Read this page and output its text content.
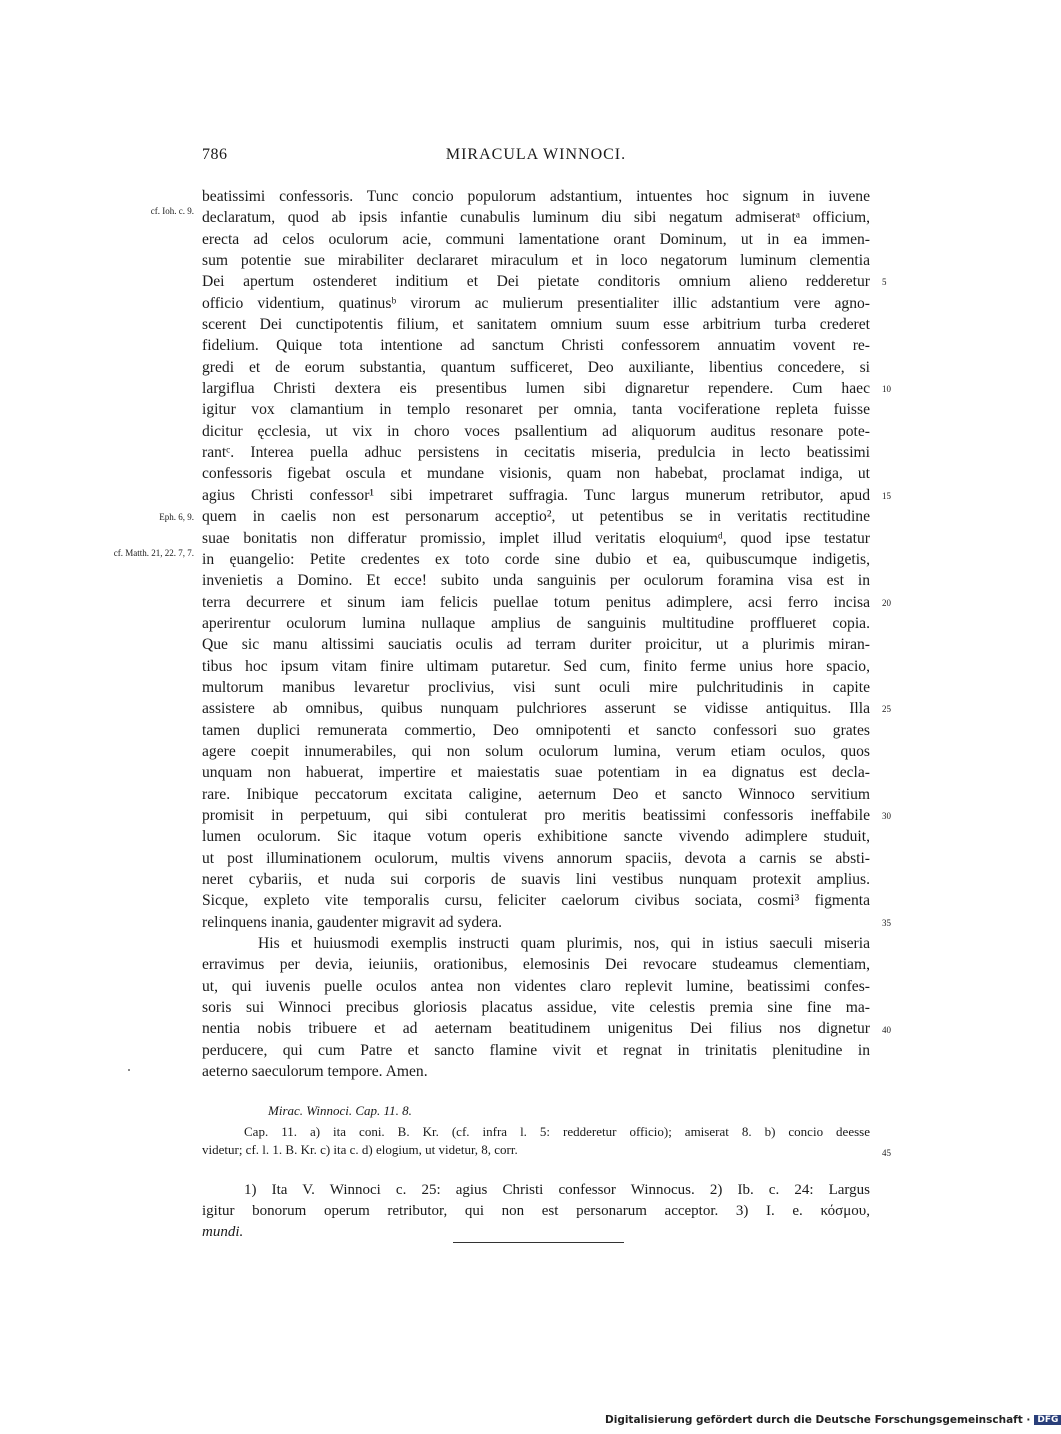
786	MIRACULA WINNOCI.
beatissimi confessoris. Tunc concio populorum adstantium, intuentes hoc signum in iuvene
declaratum, quod ab ipsis infantie cunabulis luminum diu sibi negatum admiseratᵃ officium,
erecta ad celos oculorum acie, communi lamentatione orant Dominum, ut in ea immen-
sum potentie sue mirabiliter declararet miraculum et in loco negatorum luminum clementia
Dei apertum ostenderet inditium et Dei pietate conditoris omnium alieno redderetur
officio videntium, quatinusᵇ virorum ac mulierum presentialiter illic adstantium vere agno-
scerent Dei cunctipotentis filium, et sanitatem omnium suum esse arbitrium turba crederet
fidelium. Quique tota intentione ad sanctum Christi confessorem annuatim vovent re-
gredi et de eorum substantia, quantum sufficeret, Deo auxiliante, libentius concedere, si
largiflua Christi dextera eis presentibus lumen sibi dignaretur rependere. Cum haec
igitur vox clamantium in templo resonaret per omnia, tanta vociferatione repleta fuisse
dicitur ęcclesia, ut vix in choro voces psallentium ad aliquorum auditus resonare pote-
rantᶜ. Interea puella adhuc persistens in cecitatis miseria, predulcia in lecto beatissimi
confessoris figebat oscula et mundane visionis, quam non habebat, proclamat indiga, ut
agius Christi confessor¹ sibi impetraret suffragia. Tunc largus munerum retributor, apud
quem in caelis non est personarum acceptio², ut petentibus se in veritatis rectitudine
suae bonitatis non differatur promissio, implet illud veritatis eloquiumᵈ, quod ipse testatur
in ęuangelio: Petite credentes ex toto corde sine dubio et ea, quibuscumque indigetis,
invenietis a Domino. Et ecce! subito unda sanguinis per oculorum foramina visa est in
terra decurrere et sinum iam felicis puellae totum penitus adimplere, acsi ferro incisa
aperirentur oculorum lumina nullaque amplius de sanguinis multitudine profflueret copia.
Que sic manu altissimi sauciatis oculis ad terram duriter proicitur, ut a plurimis miran-
tibus hoc ipsum vitam finire ultimam putaretur. Sed cum, finito ferme unius hore spacio,
multorum manibus levaretur proclivius, visi sunt oculi mire pulchritudinis in capite
assistere ab omnibus, quibus nunquam pulchriores asserunt se vidisse antiquitus. Illa
tamen duplici remunerata commertio, Deo omnipotenti et sancto confessori suo grates
agere coepit innumerabiles, qui non solum oculorum lumina, verum etiam oculos, quos
unquam non habuerat, impertire et maiestatis suae potentiam in ea dignatus est decla-
rare. Inibique peccatorum excitata caligine, aeternum Deo et sancto Winnoco servitium
promisit in perpetuum, qui sibi contulerat pro meritis beatissimi confessoris ineffabile
lumen oculorum. Sic itaque votum operis exhibitione sancte vivendo adimplere studuit,
ut post illuminationem oculorum, multis vivens annorum spaciis, devota a carnis se absti-
neret cybariis, et nuda sui corporis de suavis lini vestibus nunquam protexit amplius.
Sicque, expleto vite temporalis cursu, feliciter caelorum civibus sociata, cosmi³ figmenta
relinquens inania, gaudenter migravit ad sydera.
His et huiusmodi exemplis instructi quam plurimis, nos, qui in istius saeculi miseria
erravimus per devia, ieiuniis, orationibus, elemosinis Dei revocare studeamus clementiam,
ut, qui iuvenis puelle oculos antea non videntes claro replevit lumine, beatissimi confes-
soris sui Winnoci precibus gloriosis placatus assidue, vite celestis premia sine fine ma-
nentia nobis tribuere et ad aeternam beatitudinem unigenitus Dei filius nos dignetur
perducere, qui cum Patre et sancto flamine vivit et regnat in trinitatis plenitudine in
aeterno saeculorum tempore. Amen.
5
10
15
20
25
30
35
40
cf. Ioh. c. 9.
Eph. 6, 9.
cf. Matth. 21, 22. 7, 7.
Mirac. Winnoci. Cap. 11. 8.
Cap. 11. a) ita coni. B. Kr. (cf. infra l. 5: redderetur officio); amiserat 8. b) concio deesse
videtur; cf. l. 1. B. Kr. c) ita c. d) elogium, ut videtur, 8, corr.	45
1) Ita V. Winnoci c. 25: agius Christi confessor Winnocus. 2) Ib. c. 24: Largus
igitur bonorum operum retributor, qui non est personarum acceptor. 3) I. e. κόσμου,
mundi.
Digitalisierung gefördert durch die Deutsche Forschungsgemeinschaft · DFG
